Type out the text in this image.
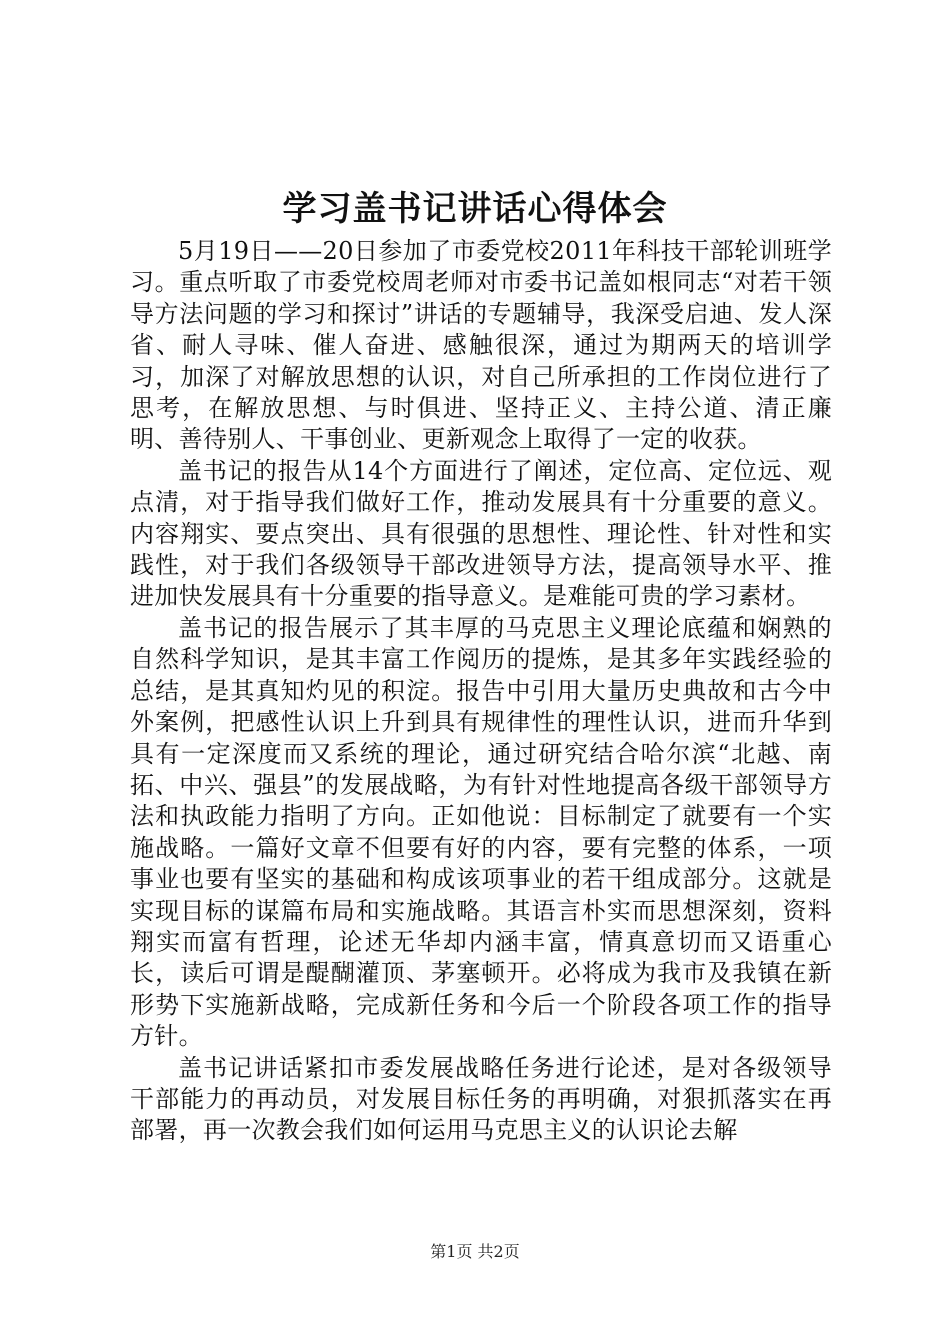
学习盖书记讲话心得体会

5月19日——20日参加了市委党校2011年科技干部轮训班学习。重点听取了市委党校周老师对市委书记盖如根同志“对若干领导方法问题的学习和探讨”讲话的专题辅导，我深受启迪、发人深省、耐人寻味、催人奋进、感触很深，通过为期两天的培训学习，加深了对解放思想的认识，对自己所承担的工作岗位进行了思考，在解放思想、与时俱进、坚持正义、主持公道、清正廉明、善待别人、干事创业、更新观念上取得了一定的收获。

盖书记的报告从14个方面进行了阐述，定位高、定位远、观点清，对于指导我们做好工作，推动发展具有十分重要的意义。内容翔实、要点突出、具有很强的思想性、理论性、针对性和实践性，对于我们各级领导干部改进领导方法，提高领导水平、推进加快发展具有十分重要的指导意义。是难能可贵的学习素材。

盖书记的报告展示了其丰厚的马克思主义理论底蕴和娴熟的自然科学知识，是其丰富工作阅历的提炼，是其多年实践经验的总结，是其真知灼见的积淀。报告中引用大量历史典故和古今中外案例，把感性认识上升到具有规律性的理性认识，进而升华到具有一定深度而又系统的理论，通过研究结合哈尔滨“北越、南拓、中兴、强县”的发展战略，为有针对性地提高各级干部领导方法和执政能力指明了方向。正如他说：目标制定了就要有一个实施战略。一篇好文章不但要有好的内容，要有完整的体系，一项事业也要有坚实的基础和构成该项事业的若干组成部分。这就是实现目标的谋篇布局和实施战略。其语言朴实而思想深刻，资料翔实而富有哲理，论述无华却内涵丰富，情真意切而又语重心长，读后可谓是醍醐灌顶、茅塞顿开。必将成为我市及我镇在新形势下实施新战略，完成新任务和今后一个阶段各项工作的指导方针。

盖书记讲话紧扣市委发展战略任务进行论述，是对各级领导干部能力的再动员，对发展目标任务的再明确，对狠抓落实在再部署，再一次教会我们如何运用马克思主义的认识论去解

第1页 共2页
